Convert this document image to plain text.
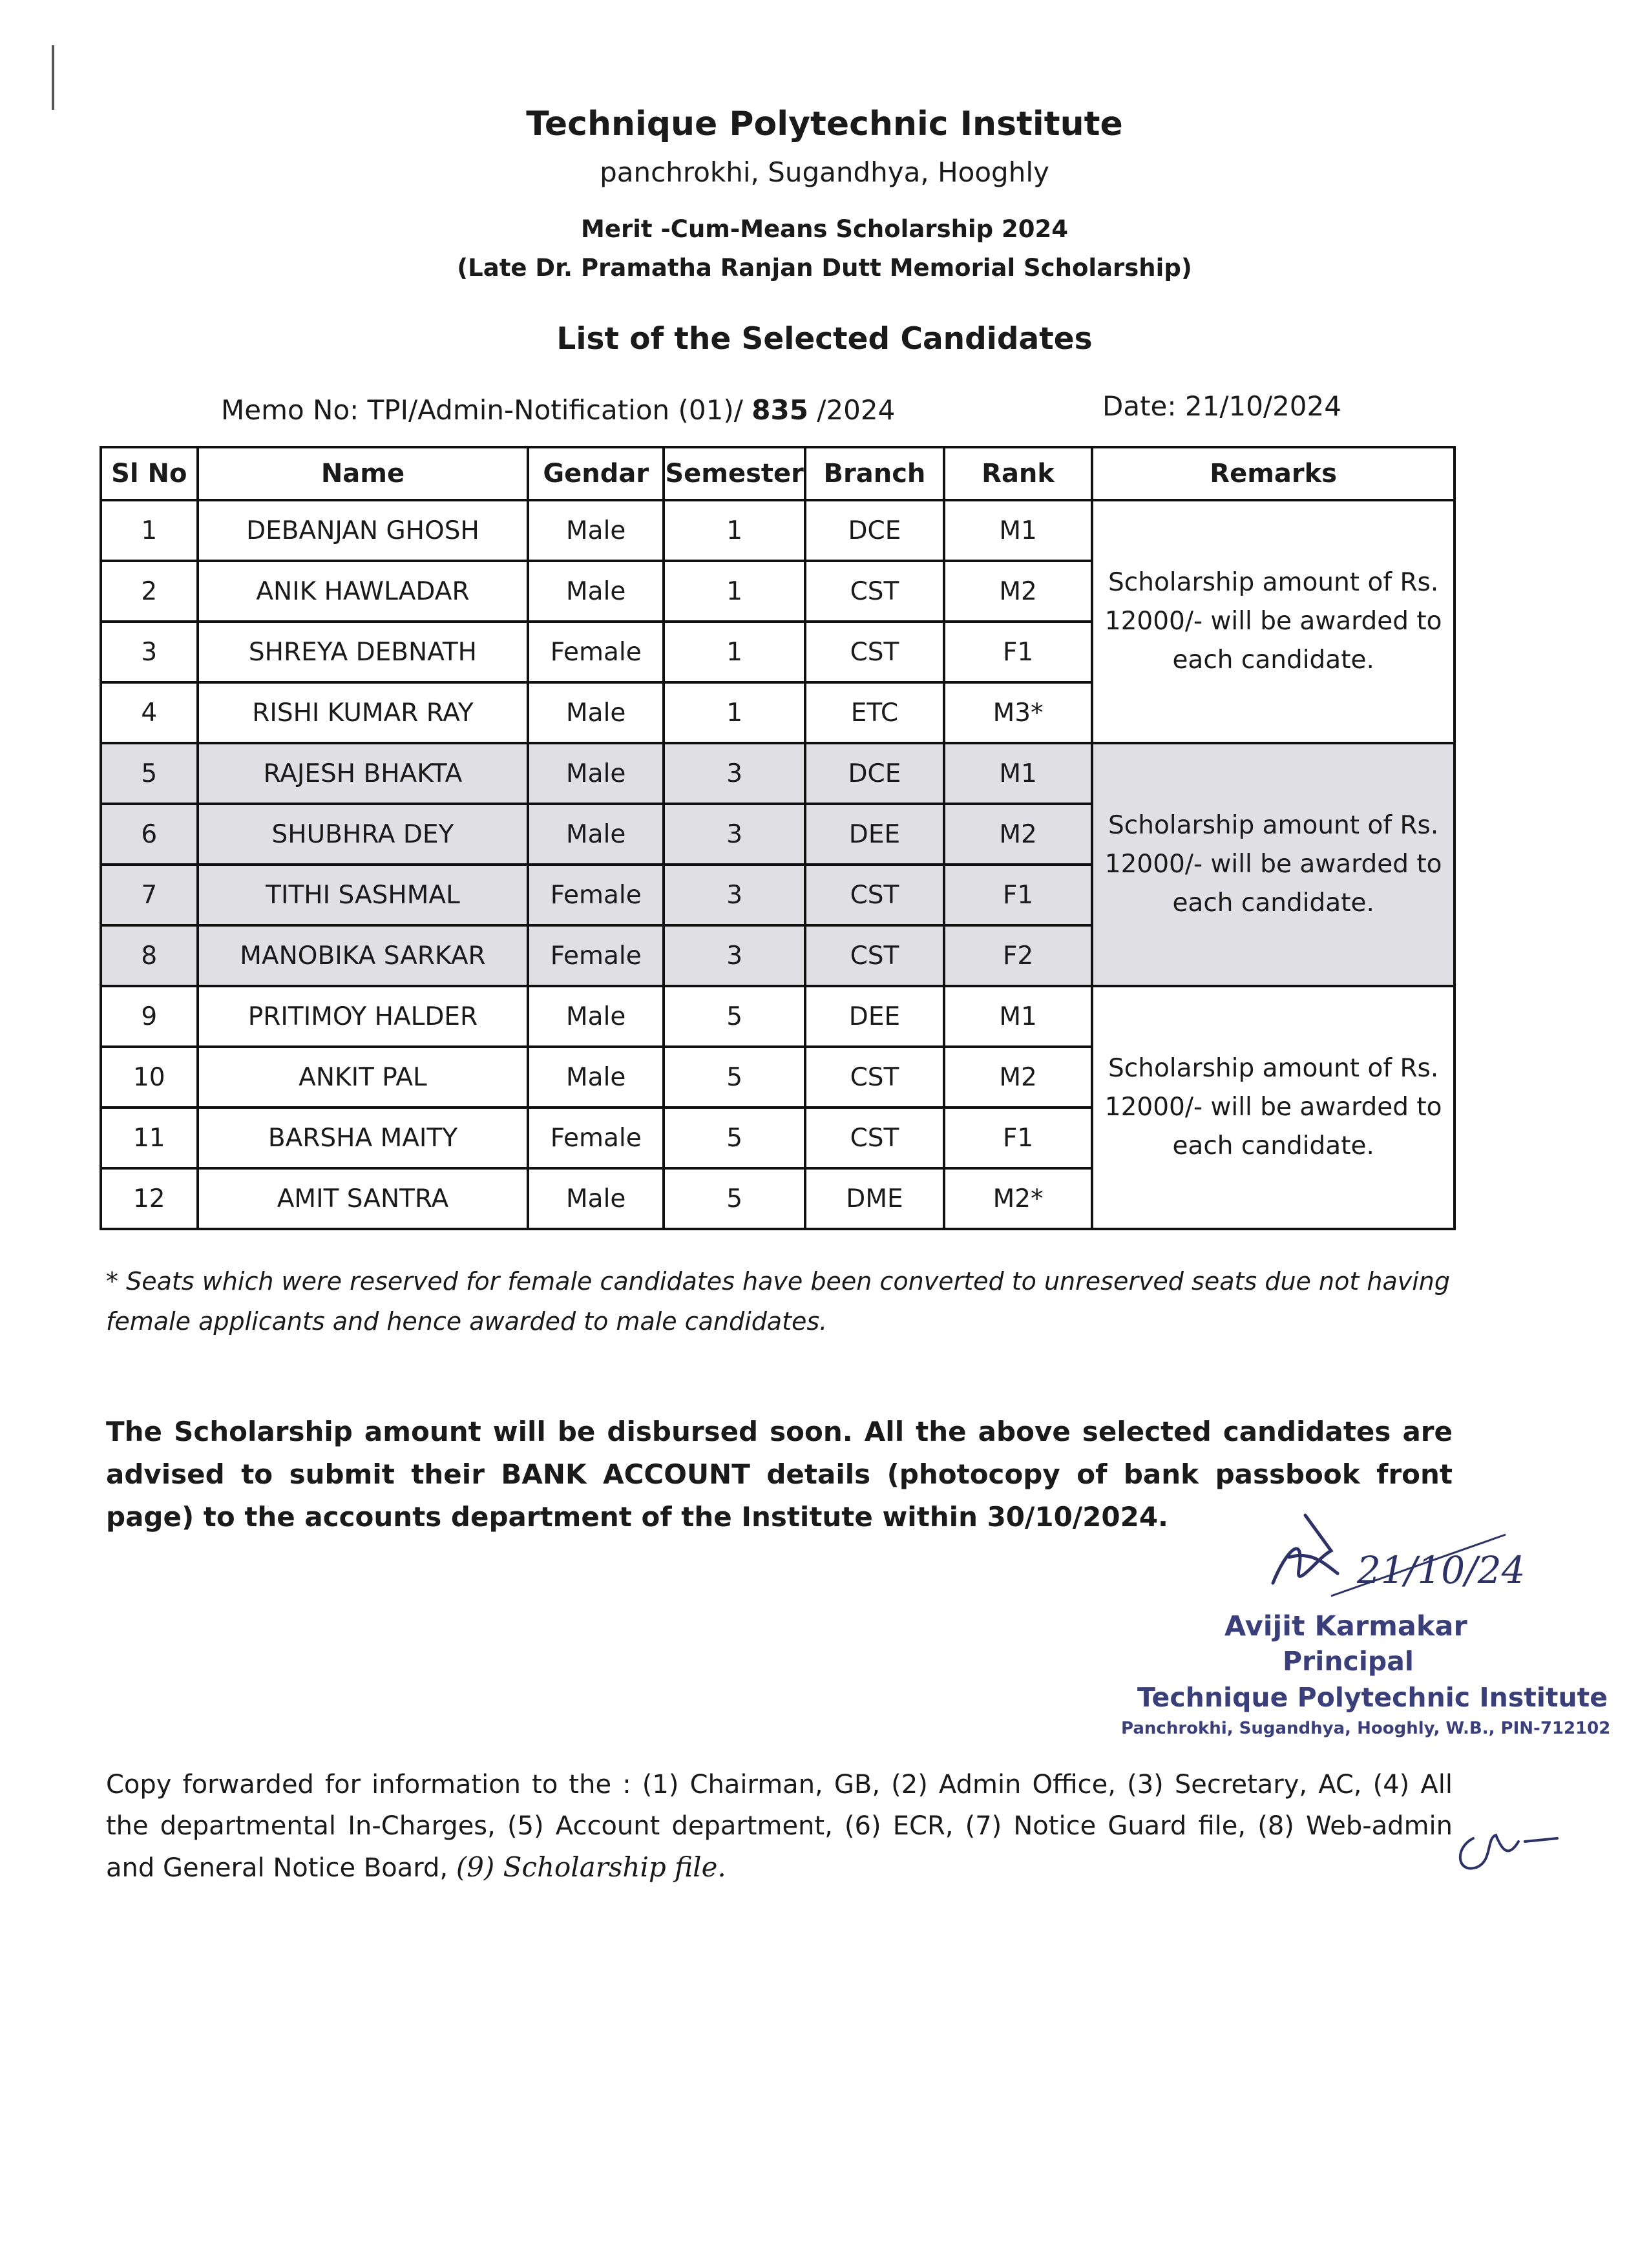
Technique Polytechnic Institute
panchrokhi, Sugandhya, Hooghly
Merit -Cum-Means Scholarship 2024
(Late Dr. Pramatha Ranjan Dutt Memorial Scholarship)
List of the Selected Candidates
Memo No: TPI/Admin-Notification (01)/ 835 /2024	Date: 21/10/2024
Sl No	Name	Gendar	Semester	Branch	Rank	Remarks
1	DEBANJAN GHOSH	Male	1	DCE	M1	Scholarship amount of Rs. 12000/- will be awarded to each candidate.
2	ANIK HAWLADAR	Male	1	CST	M2	
3	SHREYA DEBNATH	Female	1	CST	F1	
4	RISHI KUMAR RAY	Male	1	ETC	M3*	
5	RAJESH BHAKTA	Male	3	DCE	M1	Scholarship amount of Rs. 12000/- will be awarded to each candidate.
6	SHUBHRA DEY	Male	3	DEE	M2	
7	TITHI SASHMAL	Female	3	CST	F1	
8	MANOBIKA SARKAR	Female	3	CST	F2	
9	PRITIMOY HALDER	Male	5	DEE	M1	Scholarship amount of Rs. 12000/- will be awarded to each candidate.
10	ANKIT PAL	Male	5	CST	M2	
11	BARSHA MAITY	Female	5	CST	F1	
12	AMIT SANTRA	Male	5	DME	M2*	
* Seats which were reserved for female candidates have been converted to unreserved seats due not having female applicants and hence awarded to male candidates.
The Scholarship amount will be disbursed soon. All the above selected candidates are advised to submit their BANK ACCOUNT details (photocopy of bank passbook front page) to the accounts department of the Institute within 30/10/2024.
21/10/24
Avijit Karmakar
Principal
Technique Polytechnic Institute
Panchrokhi, Sugandhya, Hooghly, W.B., PIN-712102
Copy forwarded for information to the : (1) Chairman, GB, (2) Admin Office, (3) Secretary, AC, (4) All the departmental In-Charges, (5) Account department, (6) ECR, (7) Notice Guard file, (8) Web-admin and General Notice Board, (9) Scholarship file.
